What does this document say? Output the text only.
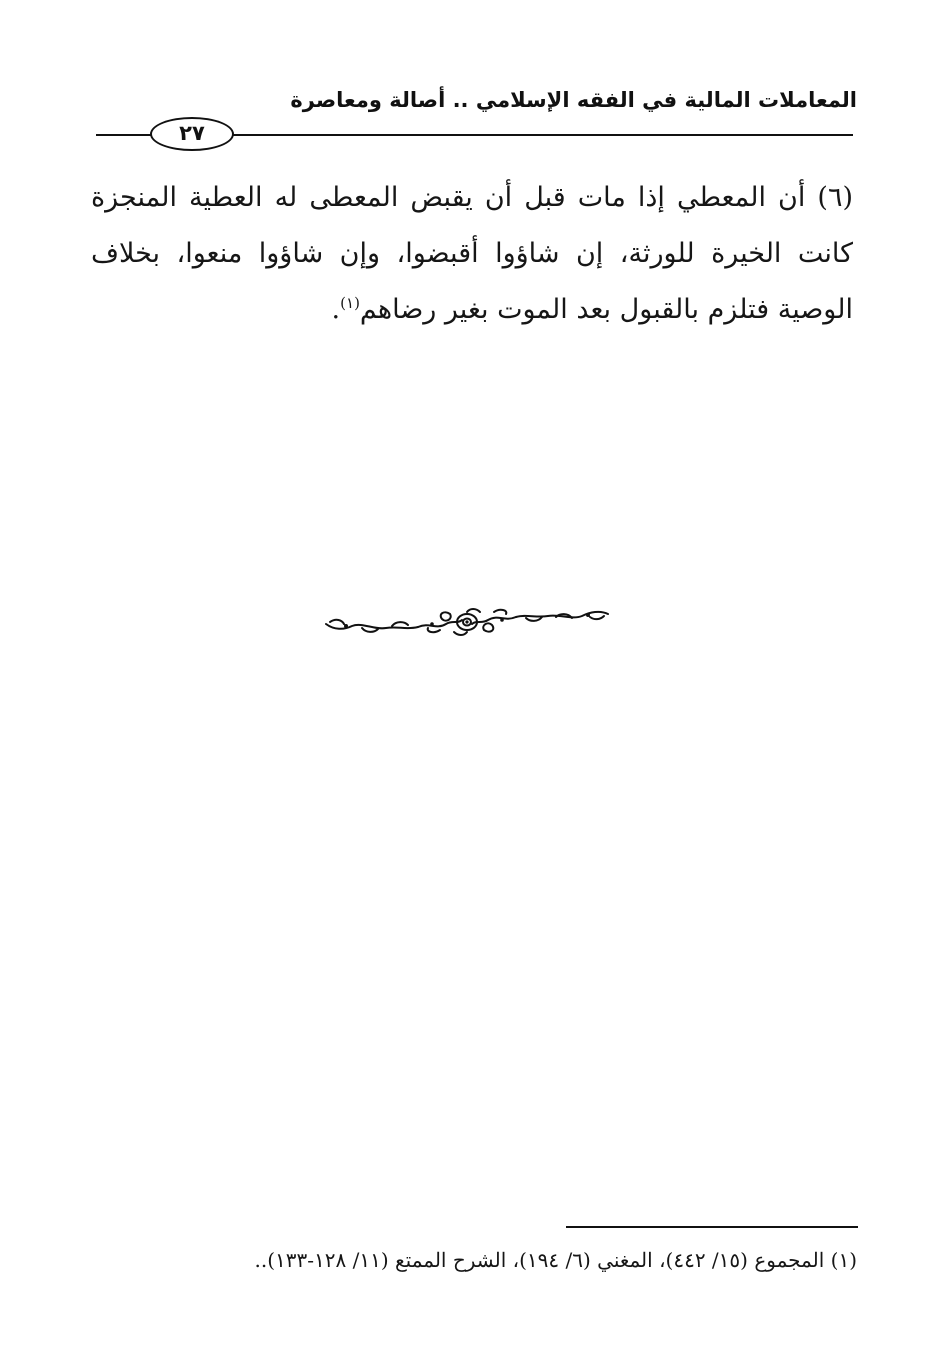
المعاملات المالية في الفقه الإسلامي .. أصالة ومعاصرة
٢٧
(٦) أن المعطي إذا مات قبل أن يقبض المعطى له العطية المنجزة كانت الخيرة للورثة، إن شاؤوا أقبضوا، وإن شاؤوا منعوا، بخلاف الوصية فتلزم بالقبول بعد الموت بغير رضاهم$^{(١)}$.
(١) المجموع (١٥/ ٤٤٢)، المغني (٦/ ١٩٤)، الشرح الممتع (١١/ ١٢٨-١٣٣)..
